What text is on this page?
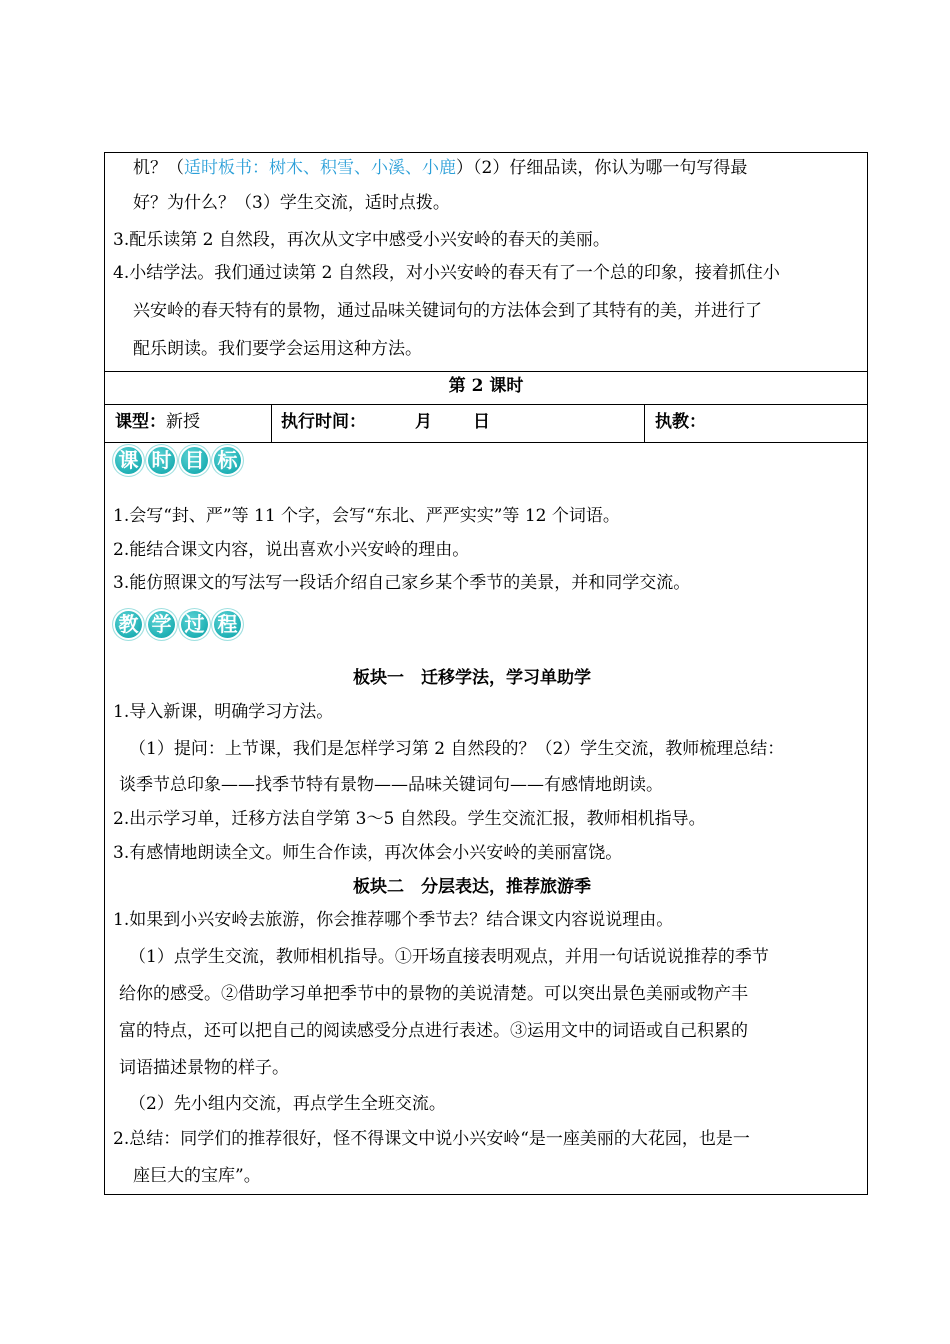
机？（适时板书：树木、积雪、小溪、小鹿）（2）仔细品读，你认为哪一句写得最
好？为什么？（3）学生交流，适时点拨。
3.配乐读第 2 自然段，再次从文字中感受小兴安岭的春天的美丽。
4.小结学法。我们通过读第 2 自然段，对小兴安岭的春天有了一个总的印象，接着抓住小
兴安岭的春天特有的景物，通过品味关键词句的方法体会到了其特有的美，并进行了
配乐朗读。我们要学会运用这种方法。
第 2 课时
课型：新授	执行时间：	月 日	执教：
课 时 目 标
1.会写“封、严”等 11 个字，会写“东北、严严实实”等 12 个词语。
2.能结合课文内容，说出喜欢小兴安岭的理由。
3.能仿照课文的写法写一段话介绍自己家乡某个季节的美景，并和同学交流。
教 学 过 程
板块一　迁移学法，学习单助学
1.导入新课，明确学习方法。
（1）提问：上节课，我们是怎样学习第 2 自然段的？（2）学生交流，教师梳理总结：
谈季节总印象——找季节特有景物——品味关键词句——有感情地朗读。
2.出示学习单，迁移方法自学第 3～5 自然段。学生交流汇报，教师相机指导。
3.有感情地朗读全文。师生合作读，再次体会小兴安岭的美丽富饶。
板块二　分层表达，推荐旅游季
1.如果到小兴安岭去旅游，你会推荐哪个季节去？结合课文内容说说理由。
（1）点学生交流，教师相机指导。①开场直接表明观点，并用一句话说说推荐的季节
给你的感受。②借助学习单把季节中的景物的美说清楚。可以突出景色美丽或物产丰
富的特点，还可以把自己的阅读感受分点进行表述。③运用文中的词语或自己积累的
词语描述景物的样子。
（2）先小组内交流，再点学生全班交流。
2.总结：同学们的推荐很好，怪不得课文中说小兴安岭“是一座美丽的大花园，也是一
座巨大的宝库”。
